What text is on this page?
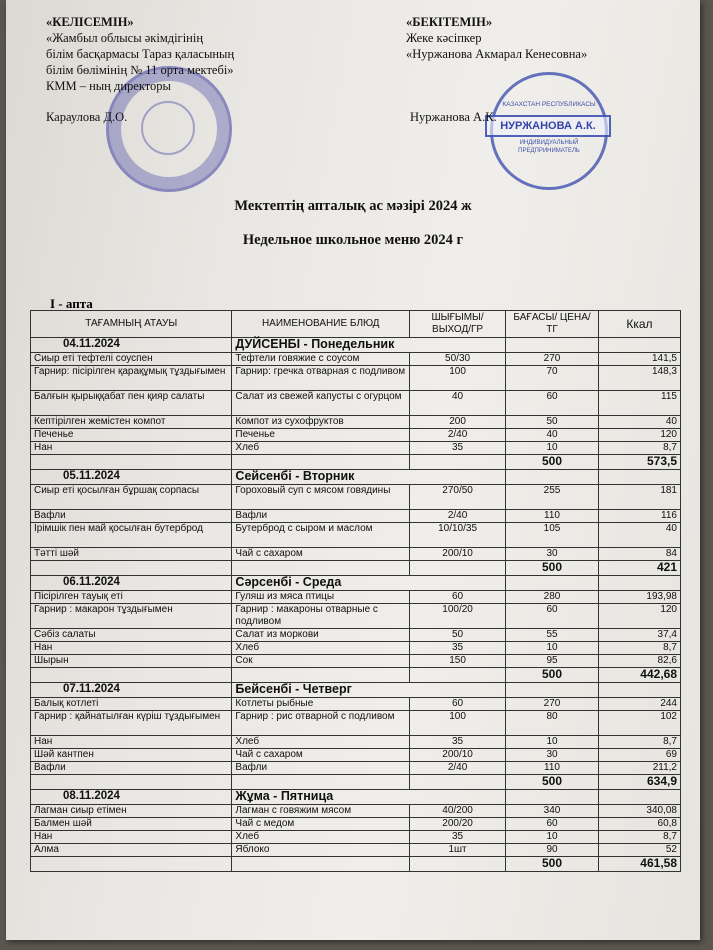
КАЗАХСТАН РЕСПУБЛИКАСЫ
НУРЖАНОВА А.К.
ИНДИВИДУАЛЬНЫЙ ПРЕДПРИНИМАТЕЛЬ
«КЕЛІСЕМІН»
«Жамбыл облысы әкімдігінің
білім басқармасы Тараз қаласының
білім бөлімінің № 11 орта мектебі»
КММ – ның директоры
Караулова Д.О.
«БЕКІТЕМІН»
Жеке кәсіпкер
«Нуржанова Акмарал Кенесовна»
Нуржанова А.К.
Мектептің апталық ас мәзірі 2024 ж
Недельное школьное меню 2024 г
I - апта
ТАҒАМНЫҢ АТАУЫ	НАИМЕНОВАНИЕ БЛЮД	ШЫҒЫМЫ/ ВЫХОД/ГР	БАҒАСЫ/ ЦЕНА/ТГ	Ккал
04.11.2024	ДУЙСЕНБІ - Понедельник			
Сиыр еті тефтелі соуспен	Тефтели говяжие с соусом	50/30	270	141,5
Гарнир: пісірілген қарақұмық тұздығымен	Гарнир: гречка отварная с подливом	100	70	148,3
Балғын қырыққабат пен қияр салаты	Салат из свежей капусты с огурцом	40	60	115
Кептірілген жемістен компот	Компот из сухофруктов	200	50	40
Печенье	Печенье	2/40	40	120
Нан	Хлеб	35	10	8,7
			500	573,5
05.11.2024	Сейсенбі - Вторник			
Сиыр еті қосылған бұршақ сорпасы	Гороховый суп с мясом говядины	270/50	255	181
Вафли	Вафли	2/40	110	116
Ірімшік пен май қосылған бутерброд	Бутерброд с сыром и маслом	10/10/35	105	40
Тәтті шәй	Чай с сахаром	200/10	30	84
			500	421
06.11.2024	Сәрсенбі - Среда			
Пісірілген тауық еті	Гуляш из мяса птицы	60	280	193,98
Гарнир : макарон тұздығымен	Гарнир : макароны отварные с подливом	100/20	60	120
Сәбіз салаты	Салат из моркови	50	55	37,4
Нан	Хлеб	35	10	8,7
Шырын	Сок	150	95	82,6
			500	442,68
07.11.2024	Бейсенбі - Четверг			
Балық котлеті	Котлеты рыбные	60	270	244
Гарнир : қайнатылған күріш тұздығымен	Гарнир : рис отварной с подливом	100	80	102
Нан	Хлеб	35	10	8,7
Шәй кантпен	Чай с сахаром	200/10	30	69
Вафли	Вафли	2/40	110	211,2
			500	634,9
08.11.2024	Жұма - Пятница			
Лагман сиыр етімен	Лагман с говяжим мясом	40/200	340	340,08
Балмен шәй	Чай с медом	200/20	60	60,8
Нан	Хлеб	35	10	8,7
Алма	Яблоко	1шт	90	52
			500	461,58
